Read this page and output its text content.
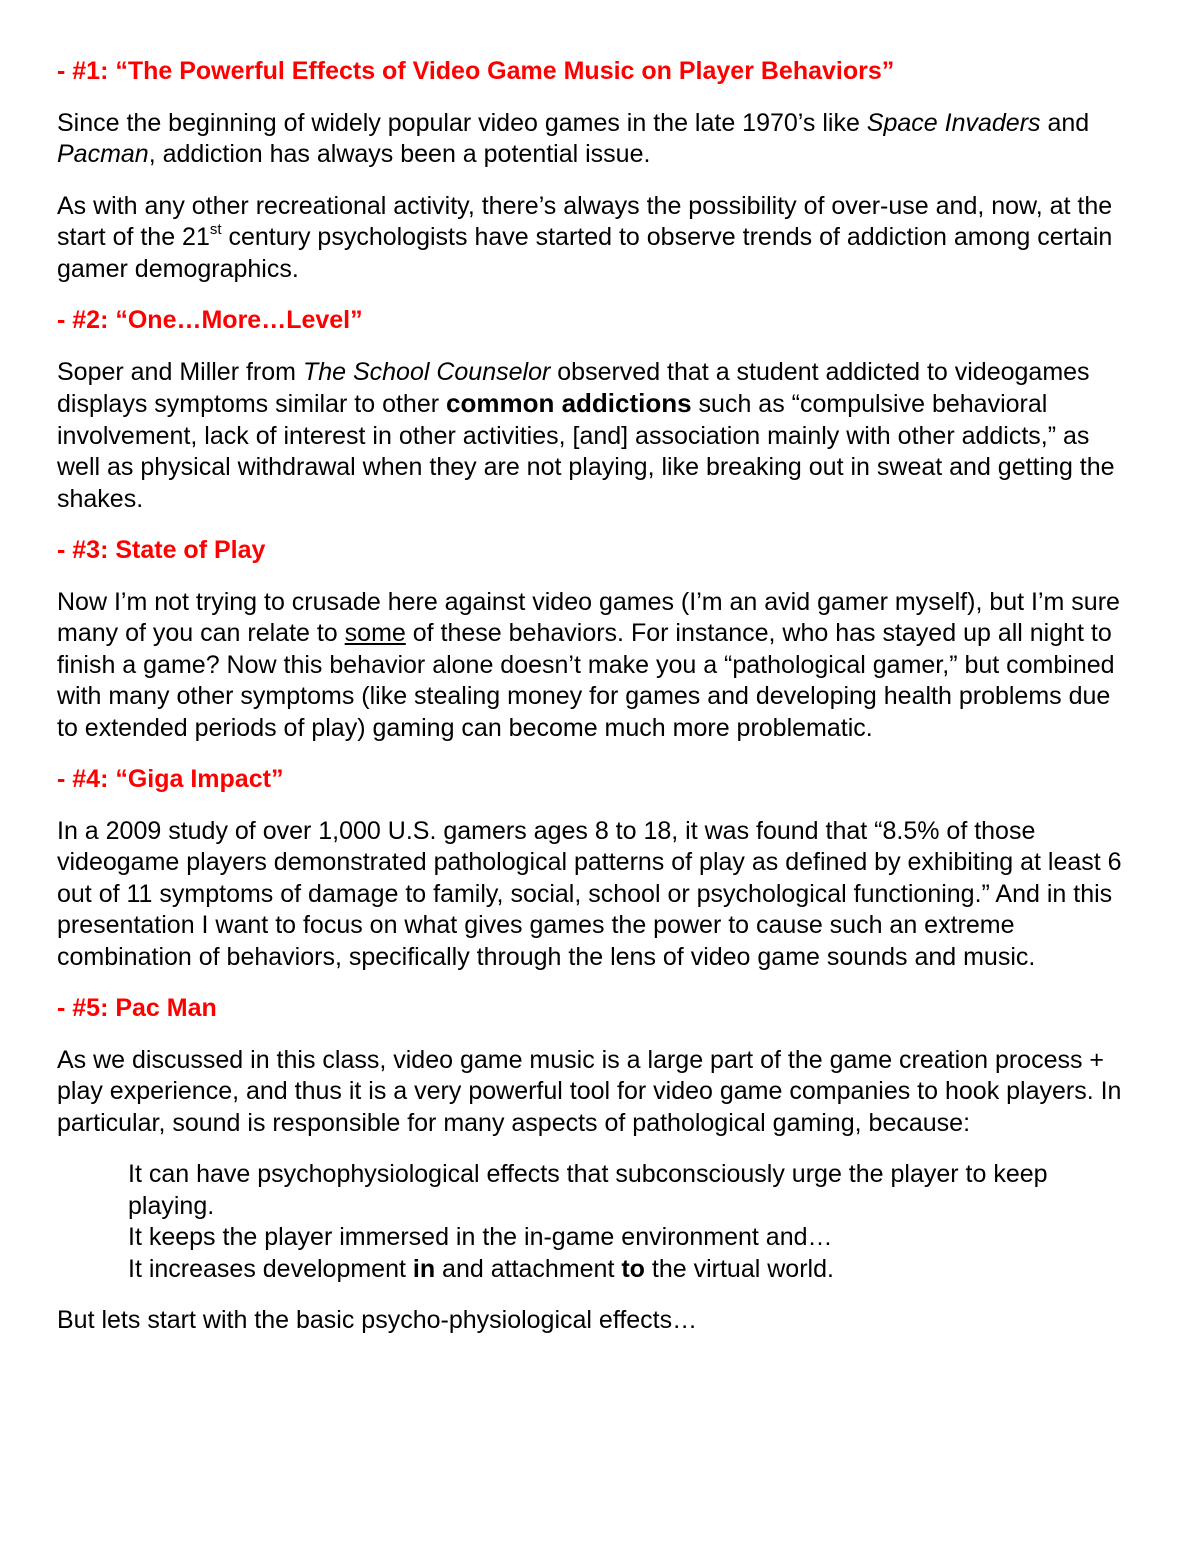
- #1: “The Powerful Effects of Video Game Music on Player Behaviors”

Since the beginning of widely popular video games in the late 1970’s like Space Invaders and Pacman, addiction has always been a potential issue.

As with any other recreational activity, there’s always the possibility of over-use and, now, at the start of the 21st century psychologists have started to observe trends of addiction among certain gamer demographics.

- #2: “One…More…Level”

Soper and Miller from The School Counselor observed that a student addicted to videogames displays symptoms similar to other common addictions such as “compulsive behavioral involvement, lack of interest in other activities, [and] association mainly with other addicts,” as well as physical withdrawal when they are not playing, like breaking out in sweat and getting the shakes.

- #3: State of Play

Now I’m not trying to crusade here against video games (I’m an avid gamer myself), but I’m sure many of you can relate to some of these behaviors. For instance, who has stayed up all night to finish a game? Now this behavior alone doesn’t make you a “pathological gamer,” but combined with many other symptoms (like stealing money for games and developing health problems due to extended periods of play) gaming can become much more problematic.

- #4: “Giga Impact”

In a 2009 study of over 1,000 U.S. gamers ages 8 to 18, it was found that “8.5% of those videogame players demonstrated pathological patterns of play as defined by exhibiting at least 6 out of 11 symptoms of damage to family, social, school or psychological functioning.” And in this presentation I want to focus on what gives games the power to cause such an extreme combination of behaviors, specifically through the lens of video game sounds and music.

- #5: Pac Man

As we discussed in this class, video game music is a large part of the game creation process + play experience, and thus it is a very powerful tool for video game companies to hook players. In particular, sound is responsible for many aspects of pathological gaming, because:

It can have psychophysiological effects that subconsciously urge the player to keep playing.
It keeps the player immersed in the in-game environment and…
It increases development in and attachment to the virtual world.

But lets start with the basic psycho-physiological effects…
